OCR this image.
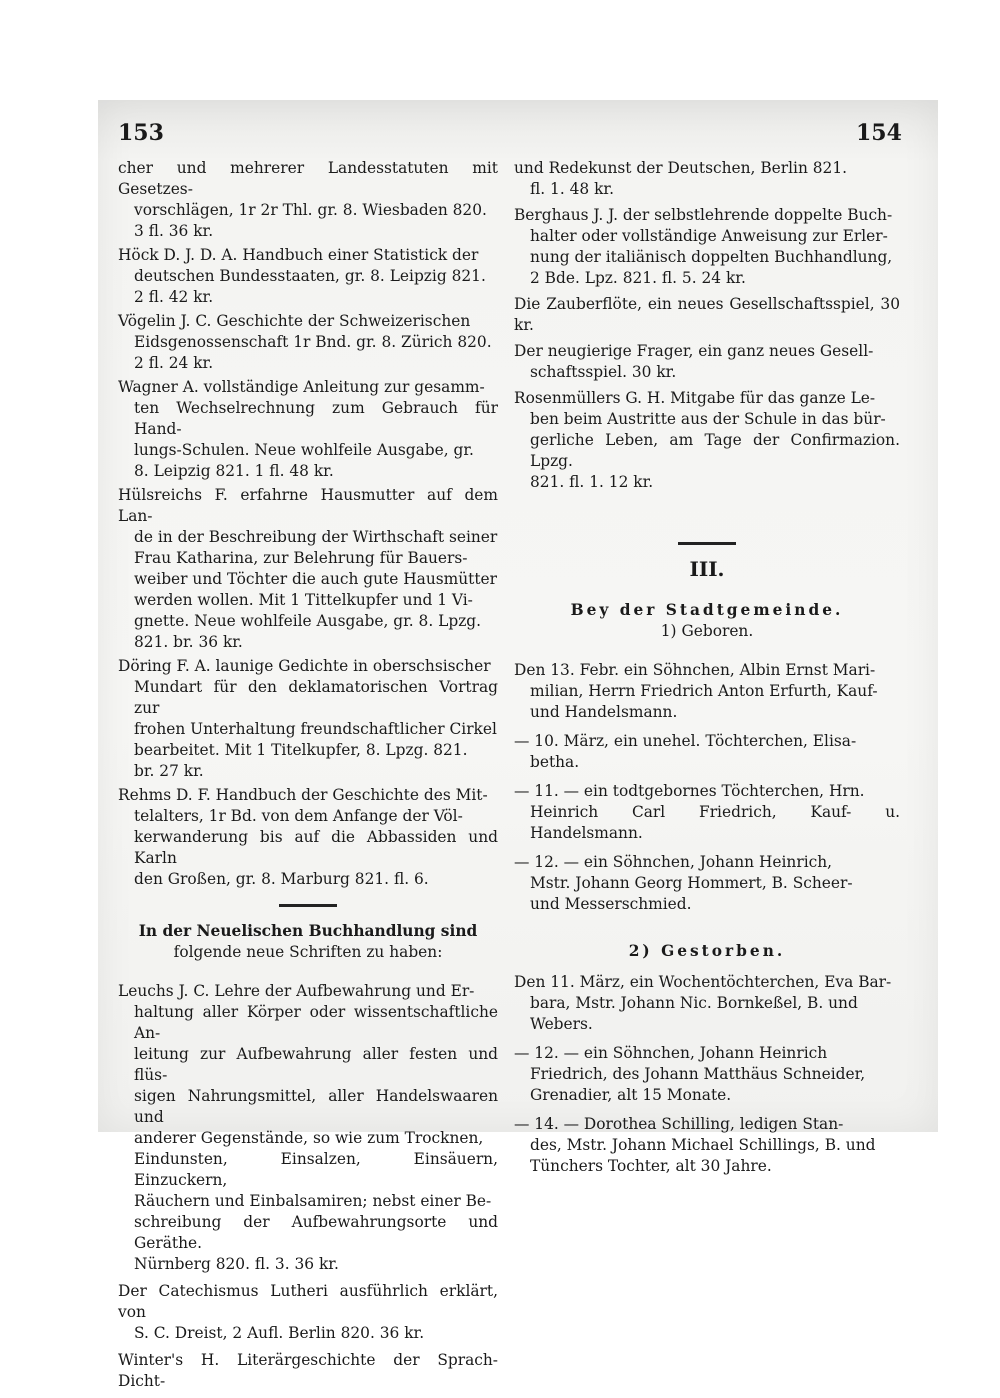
153	154
cher und mehrerer Landesstatuten mit Gesetzes-
vorschlägen, 1r 2r Thl. gr. 8. Wiesbaden 820.
3 fl. 36 kr.
Höck D. J. D. A. Handbuch einer Statistick der
deutschen Bundesstaaten, gr. 8. Leipzig 821.
2 fl. 42 kr.
Vögelin J. C. Geschichte der Schweizerischen
Eidsgenossenschaft 1r Bnd. gr. 8. Zürich 820.
2 fl. 24 kr.
Wagner A. vollständige Anleitung zur gesamm-
ten Wechselrechnung zum Gebrauch für Hand-
lungs-Schulen. Neue wohlfeile Ausgabe, gr.
8. Leipzig 821. 1 fl. 48 kr.
Hülsreichs F. erfahrne Hausmutter auf dem Lan-
de in der Beschreibung der Wirthschaft seiner
Frau Katharina, zur Belehrung für Bauers-
weiber und Töchter die auch gute Hausmütter
werden wollen. Mit 1 Tittelkupfer und 1 Vi-
gnette. Neue wohlfeile Ausgabe, gr. 8. Lpzg.
821. br. 36 kr.
Döring F. A. launige Gedichte in oberschsischer
Mundart für den deklamatorischen Vortrag zur
frohen Unterhaltung freundschaftlicher Cirkel
bearbeitet. Mit 1 Titelkupfer, 8. Lpzg. 821.
br. 27 kr.
Rehms D. F. Handbuch der Geschichte des Mit-
telalters, 1r Bd. von dem Anfange der Völ-
kerwanderung bis auf die Abbassiden und Karln
den Großen, gr. 8. Marburg 821. fl. 6.
In der Neuelischen Buchhandlung sind
folgende neue Schriften zu haben:
Leuchs J. C. Lehre der Aufbewahrung und Er-
haltung aller Körper oder wissentschaftliche An-
leitung zur Aufbewahrung aller festen und flüs-
sigen Nahrungsmittel, aller Handelswaaren und
anderer Gegenstände, so wie zum Trocknen,
Eindunsten, Einsalzen, Einsäuern, Einzuckern,
Räuchern und Einbalsamiren; nebst einer Be-
schreibung der Aufbewahrungsorte und Geräthe.
Nürnberg 820. fl. 3. 36 kr.
Der Catechismus Lutheri ausführlich erklärt, von
S. C. Dreist, 2 Aufl. Berlin 820. 36 kr.
Winter's H. Literärgeschichte der Sprach- Dicht-
und Redekunst der Deutschen, Berlin 821.
fl. 1. 48 kr.
Berghaus J. J. der selbstlehrende doppelte Buch-
halter oder vollständige Anweisung zur Erler-
nung der italiänisch doppelten Buchhandlung,
2 Bde. Lpz. 821. fl. 5. 24 kr.
Die Zauberflöte, ein neues Gesellschaftsspiel, 30 kr.
Der neugierige Frager, ein ganz neues Gesell-
schaftsspiel. 30 kr.
Rosenmüllers G. H. Mitgabe für das ganze Le-
ben beim Austritte aus der Schule in das bür-
gerliche Leben, am Tage der Confirmazion. Lpzg.
821. fl. 1. 12 kr.
III.
Bey der Stadtgemeinde.
1) Geboren.
Den 13. Febr. ein Söhnchen, Albin Ernst Mari-
milian, Herrn Friedrich Anton Erfurth, Kauf-
und Handelsmann.
— 10. März, ein unehel. Töchterchen, Elisa-
betha.
— 11. — ein todtgebornes Töchterchen, Hrn.
Heinrich Carl Friedrich, Kauf- u. Handelsmann.
— 12. — ein Söhnchen, Johann Heinrich,
Mstr. Johann Georg Hommert, B. Scheer-
und Messerschmied.
2) Gestorben.
Den 11. März, ein Wochentöchterchen, Eva Bar-
bara, Mstr. Johann Nic. Bornkeßel, B. und
Webers.
— 12. — ein Söhnchen, Johann Heinrich
Friedrich, des Johann Matthäus Schneider,
Grenadier, alt 15 Monate.
— 14. — Dorothea Schilling, ledigen Stan-
des, Mstr. Johann Michael Schillings, B. und
Tünchers Tochter, alt 30 Jahre.
